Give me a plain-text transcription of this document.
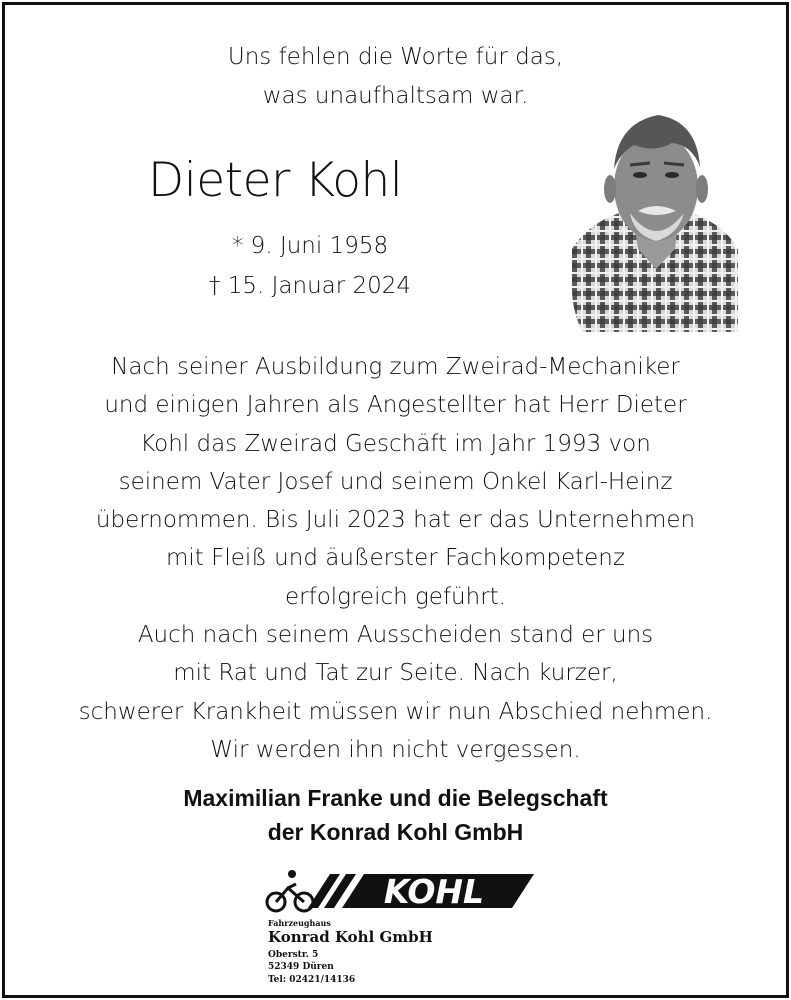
Uns fehlen die Worte für das,
was unaufhaltsam war.
Dieter Kohl
* 9. Juni 1958
† 15. Januar 2024
Nach seiner Ausbildung zum Zweirad-Mechaniker
und einigen Jahren als Angestellter hat Herr Dieter
Kohl das Zweirad Geschäft im Jahr 1993 von
seinem Vater Josef und seinem Onkel Karl-Heinz
übernommen. Bis Juli 2023 hat er das Unternehmen
mit Fleiß und äußerster Fachkompetenz
erfolgreich geführt.
Auch nach seinem Ausscheiden stand er uns
mit Rat und Tat zur Seite. Nach kurzer,
schwerer Krankheit müssen wir nun Abschied nehmen.
Wir werden ihn nicht vergessen.
Maximilian Franke und die Belegschaft
der Konrad Kohl GmbH
KOHL
Fahrzeughaus
Konrad Kohl GmbH
Oberstr. 5
52349 Düren
Tel: 02421/14136
